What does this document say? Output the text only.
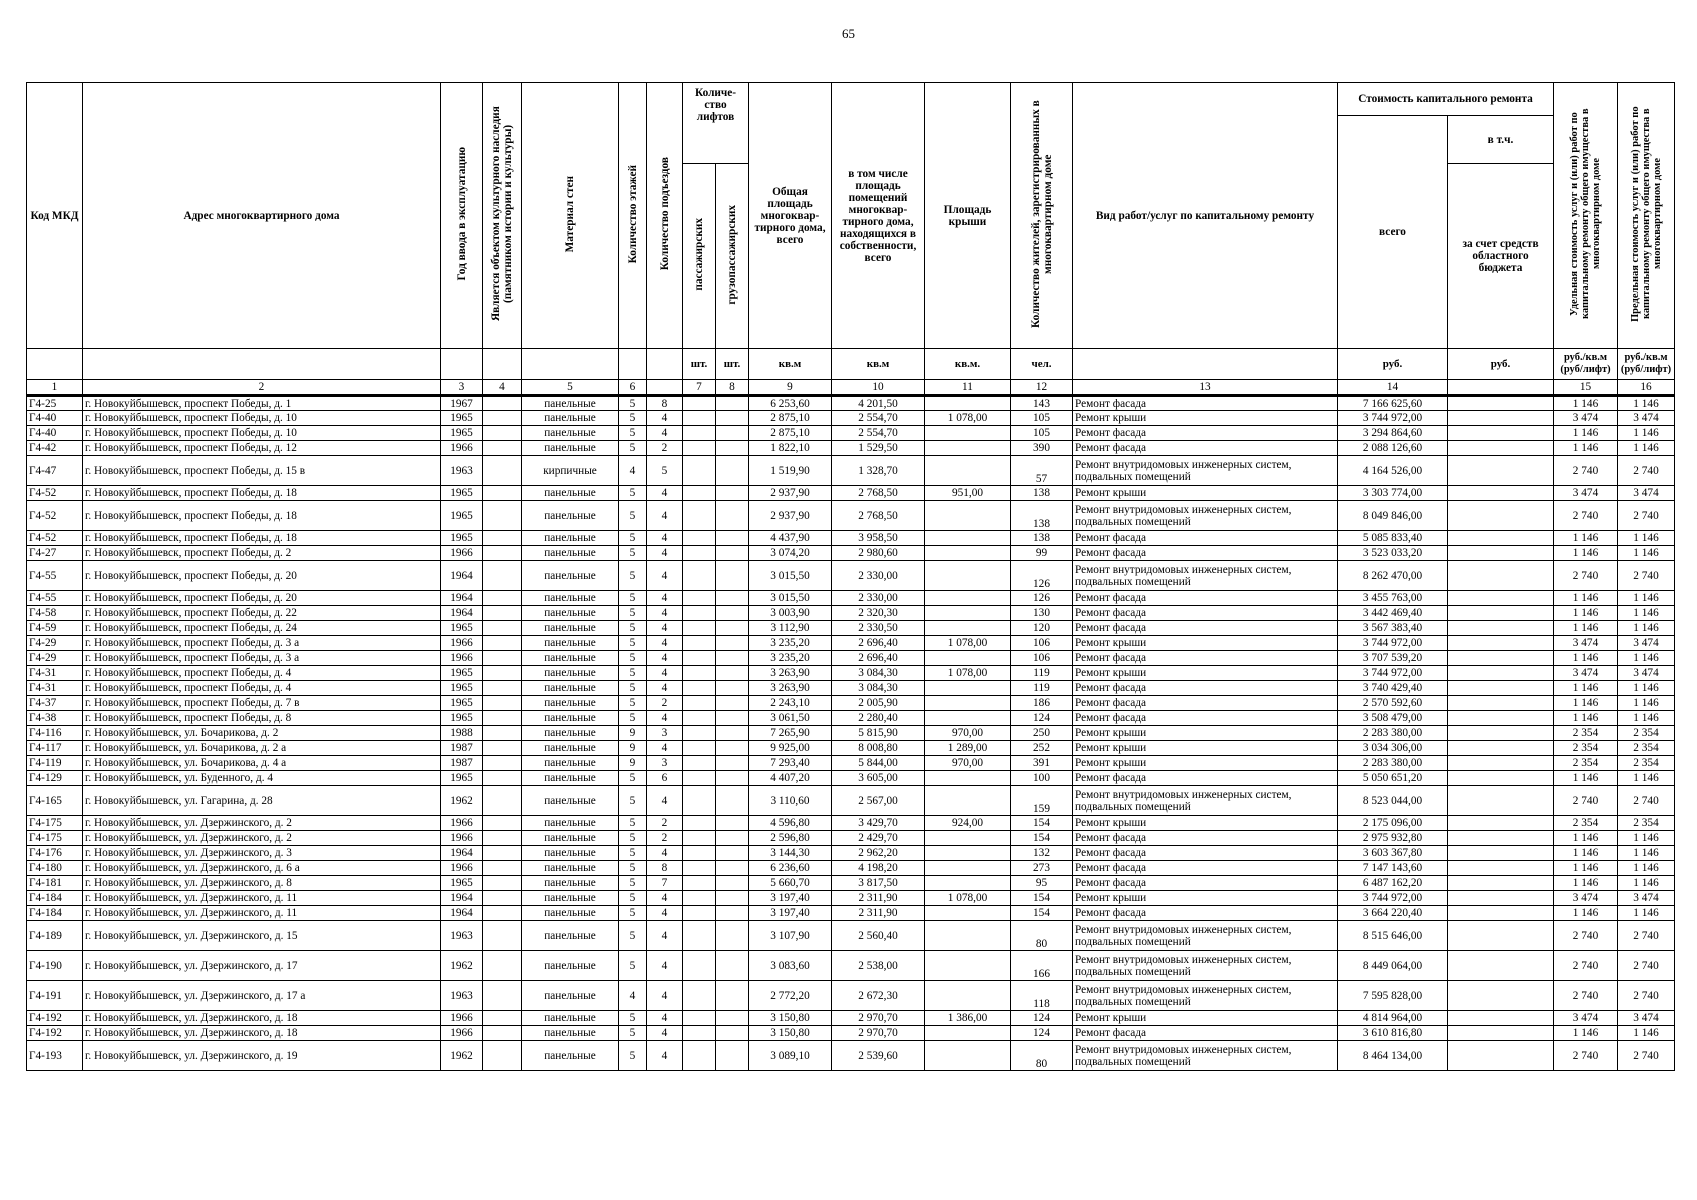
65
Код МКД	Адрес многоквартирного дома	Год ввода в эксплуатацию	Является объектом культурного наследия (памятником истории и культуры)	Материал стен	Количество этажей	Количество подъездов	Количе-ство лифтов		Общая площадь многоквар-тирного дома, всего	в том числе площадь помещений многоквар-тирного дома, находящихся в собственности, всего	Площадь крыши	Количество жителей, зарегистрированных в многоквартирном доме	Вид работ/услуг по капитальному ремонту	Стоимость капитального ремонта		Удельная стоимость услуг и (или) работ по капитальному ремонту общего имущества в многоквартирном доме	Предельная стоимость услуг и (или) работ по капитальному ремонту общего имущества в многоквартирном доме
														всего	в т.ч.		
							пассажирских	грузопассажирских							за счет средств областного бюджета		
							шт.	шт.	кв.м	кв.м	кв.м.	чел.		руб.	руб.	руб./кв.м (руб/лифт)	руб./кв.м (руб/лифт)
1	2	3	4	5	6		7	8	9	10	11	12	13	14		15	16
Г4-25	г. Новокуйбышевск, проспект Победы, д. 1	1967		панельные	5	8			6 253,60	4 201,50		143	Ремонт фасада	7 166 625,60		1 146	1 146
Г4-40	г. Новокуйбышевск, проспект Победы, д. 10	1965		панельные	5	4			2 875,10	2 554,70	1 078,00	105	Ремонт крыши	3 744 972,00		3 474	3 474
Г4-40	г. Новокуйбышевск, проспект Победы, д. 10	1965		панельные	5	4			2 875,10	2 554,70		105	Ремонт фасада	3 294 864,60		1 146	1 146
Г4-42	г. Новокуйбышевск, проспект Победы, д. 12	1966		панельные	5	2			1 822,10	1 529,50		390	Ремонт фасада	2 088 126,60		1 146	1 146
Г4-47	г. Новокуйбышевск, проспект Победы, д. 15 в	1963		кирпичные	4	5			1 519,90	1 328,70		57	Ремонт внутридомовых инженерных систем, подвальных помещений	4 164 526,00		2 740	2 740
Г4-52	г. Новокуйбышевск, проспект Победы, д. 18	1965		панельные	5	4			2 937,90	2 768,50	951,00	138	Ремонт крыши	3 303 774,00		3 474	3 474
Г4-52	г. Новокуйбышевск, проспект Победы, д. 18	1965		панельные	5	4			2 937,90	2 768,50		138	Ремонт внутридомовых инженерных систем, подвальных помещений	8 049 846,00		2 740	2 740
Г4-52	г. Новокуйбышевск, проспект Победы, д. 18	1965		панельные	5	4			4 437,90	3 958,50		138	Ремонт фасада	5 085 833,40		1 146	1 146
Г4-27	г. Новокуйбышевск, проспект Победы, д. 2	1966		панельные	5	4			3 074,20	2 980,60		99	Ремонт фасада	3 523 033,20		1 146	1 146
Г4-55	г. Новокуйбышевск, проспект Победы, д. 20	1964		панельные	5	4			3 015,50	2 330,00		126	Ремонт внутридомовых инженерных систем, подвальных помещений	8 262 470,00		2 740	2 740
Г4-55	г. Новокуйбышевск, проспект Победы, д. 20	1964		панельные	5	4			3 015,50	2 330,00		126	Ремонт фасада	3 455 763,00		1 146	1 146
Г4-58	г. Новокуйбышевск, проспект Победы, д. 22	1964		панельные	5	4			3 003,90	2 320,30		130	Ремонт фасада	3 442 469,40		1 146	1 146
Г4-59	г. Новокуйбышевск, проспект Победы, д. 24	1965		панельные	5	4			3 112,90	2 330,50		120	Ремонт фасада	3 567 383,40		1 146	1 146
Г4-29	г. Новокуйбышевск, проспект Победы, д. 3 а	1966		панельные	5	4			3 235,20	2 696,40	1 078,00	106	Ремонт крыши	3 744 972,00		3 474	3 474
Г4-29	г. Новокуйбышевск, проспект Победы, д. 3 а	1966		панельные	5	4			3 235,20	2 696,40		106	Ремонт фасада	3 707 539,20		1 146	1 146
Г4-31	г. Новокуйбышевск, проспект Победы, д. 4	1965		панельные	5	4			3 263,90	3 084,30	1 078,00	119	Ремонт крыши	3 744 972,00		3 474	3 474
Г4-31	г. Новокуйбышевск, проспект Победы, д. 4	1965		панельные	5	4			3 263,90	3 084,30		119	Ремонт фасада	3 740 429,40		1 146	1 146
Г4-37	г. Новокуйбышевск, проспект Победы, д. 7 в	1965		панельные	5	2			2 243,10	2 005,90		186	Ремонт фасада	2 570 592,60		1 146	1 146
Г4-38	г. Новокуйбышевск, проспект Победы, д. 8	1965		панельные	5	4			3 061,50	2 280,40		124	Ремонт фасада	3 508 479,00		1 146	1 146
Г4-116	г. Новокуйбышевск, ул. Бочарикова, д. 2	1988		панельные	9	3			7 265,90	5 815,90	970,00	250	Ремонт крыши	2 283 380,00		2 354	2 354
Г4-117	г. Новокуйбышевск, ул. Бочарикова, д. 2 а	1987		панельные	9	4			9 925,00	8 008,80	1 289,00	252	Ремонт крыши	3 034 306,00		2 354	2 354
Г4-119	г. Новокуйбышевск, ул. Бочарикова, д. 4 а	1987		панельные	9	3			7 293,40	5 844,00	970,00	391	Ремонт крыши	2 283 380,00		2 354	2 354
Г4-129	г. Новокуйбышевск, ул. Буденного, д. 4	1965		панельные	5	6			4 407,20	3 605,00		100	Ремонт фасада	5 050 651,20		1 146	1 146
Г4-165	г. Новокуйбышевск, ул. Гагарина, д. 28	1962		панельные	5	4			3 110,60	2 567,00		159	Ремонт внутридомовых инженерных систем, подвальных помещений	8 523 044,00		2 740	2 740
Г4-175	г. Новокуйбышевск, ул. Дзержинского, д. 2	1966		панельные	5	2			4 596,80	3 429,70	924,00	154	Ремонт крыши	2 175 096,00		2 354	2 354
Г4-175	г. Новокуйбышевск, ул. Дзержинского, д. 2	1966		панельные	5	2			2 596,80	2 429,70		154	Ремонт фасада	2 975 932,80		1 146	1 146
Г4-176	г. Новокуйбышевск, ул. Дзержинского, д. 3	1964		панельные	5	4			3 144,30	2 962,20		132	Ремонт фасада	3 603 367,80		1 146	1 146
Г4-180	г. Новокуйбышевск, ул. Дзержинского, д. 6 а	1966		панельные	5	8			6 236,60	4 198,20		273	Ремонт фасада	7 147 143,60		1 146	1 146
Г4-181	г. Новокуйбышевск, ул. Дзержинского, д. 8	1965		панельные	5	7			5 660,70	3 817,50		95	Ремонт фасада	6 487 162,20		1 146	1 146
Г4-184	г. Новокуйбышевск, ул. Дзержинского, д. 11	1964		панельные	5	4			3 197,40	2 311,90	1 078,00	154	Ремонт крыши	3 744 972,00		3 474	3 474
Г4-184	г. Новокуйбышевск, ул. Дзержинского, д. 11	1964		панельные	5	4			3 197,40	2 311,90		154	Ремонт фасада	3 664 220,40		1 146	1 146
Г4-189	г. Новокуйбышевск, ул. Дзержинского, д. 15	1963		панельные	5	4			3 107,90	2 560,40		80	Ремонт внутридомовых инженерных систем, подвальных помещений	8 515 646,00		2 740	2 740
Г4-190	г. Новокуйбышевск, ул. Дзержинского, д. 17	1962		панельные	5	4			3 083,60	2 538,00		166	Ремонт внутридомовых инженерных систем, подвальных помещений	8 449 064,00		2 740	2 740
Г4-191	г. Новокуйбышевск, ул. Дзержинского, д. 17 а	1963		панельные	4	4			2 772,20	2 672,30		118	Ремонт внутридомовых инженерных систем, подвальных помещений	7 595 828,00		2 740	2 740
Г4-192	г. Новокуйбышевск, ул. Дзержинского, д. 18	1966		панельные	5	4			3 150,80	2 970,70	1 386,00	124	Ремонт крыши	4 814 964,00		3 474	3 474
Г4-192	г. Новокуйбышевск, ул. Дзержинского, д. 18	1966		панельные	5	4			3 150,80	2 970,70		124	Ремонт фасада	3 610 816,80		1 146	1 146
Г4-193	г. Новокуйбышевск, ул. Дзержинского, д. 19	1962		панельные	5	4			3 089,10	2 539,60		80	Ремонт внутридомовых инженерных систем, подвальных помещений	8 464 134,00		2 740	2 740
